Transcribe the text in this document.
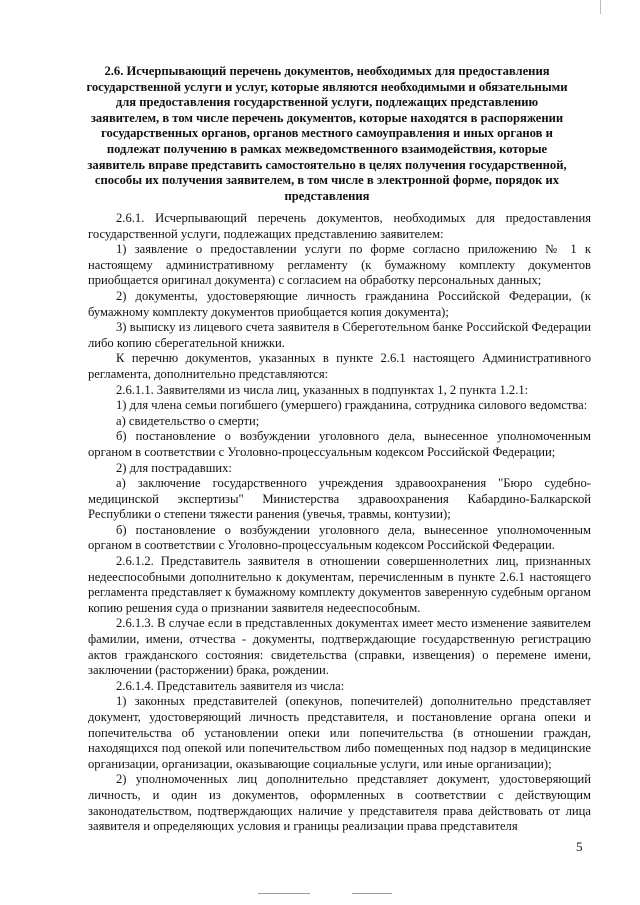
2.6. Исчерпывающий перечень документов, необходимых для предоставления государственной услуги и услуг, которые являются необходимыми и обязательными для предоставления государственной услуги, подлежащих представлению заявителем, в том числе перечень документов, которые находятся в распоряжении государственных органов, органов местного самоуправления и иных органов и подлежат получению в рамках межведомственного взаимодействия, которые заявитель вправе представить самостоятельно в целях получения государственной, способы их получения заявителем, в том числе в электронной форме, порядок их представления

2.6.1. Исчерпывающий перечень документов, необходимых для предоставления государственной услуги, подлежащих представлению заявителем:

1) заявление о предоставлении услуги по форме согласно приложению № 1 к настоящему административному регламенту (к бумажному комплекту документов приобщается оригинал документа) с согласием на обработку персональных данных;

2) документы, удостоверяющие личность гражданина Российской Федерации, (к бумажному комплекту документов приобщается копия документа);

3) выписку из лицевого счета заявителя в Сбереготельном банке Российской Федерации либо копию сберегательной книжки.

К перечню документов, указанных в пункте 2.6.1 настоящего Административного регламента, дополнительно представляются:

2.6.1.1. Заявителями из числа лиц, указанных в подпунктах 1, 2 пункта 1.2.1:

1) для члена семьи погибшего (умершего) гражданина, сотрудника силового ведомства:

а) свидетельство о смерти;

б) постановление о возбуждении уголовного дела, вынесенное уполномоченным органом в соответствии с Уголовно-процессуальным кодексом Российской Федерации;

2) для пострадавших:

а) заключение государственного учреждения здравоохранения "Бюро судебно-медицинской экспертизы" Министерства здравоохранения Кабардино-Балкарской Республики о степени тяжести ранения (увечья, травмы, контузии);

б) постановление о возбуждении уголовного дела, вынесенное уполномоченным органом в соответствии с Уголовно-процессуальным кодексом Российской Федерации.

2.6.1.2. Представитель заявителя в отношении совершеннолетних лиц, признанных недееспособными дополнительно к документам, перечисленным в пункте 2.6.1 настоящего регламента представляет к бумажному комплекту документов заверенную судебным органом копию решения суда о признании заявителя недееспособным.

2.6.1.3. В случае если в представленных документах имеет место изменение заявителем фамилии, имени, отчества - документы, подтверждающие государственную регистрацию актов гражданского состояния: свидетельства (справки, извещения) о перемене имени, заключении (расторжении) брака, рождении.

2.6.1.4. Представитель заявителя из числа:

1) законных представителей (опекунов, попечителей) дополнительно представляет документ, удостоверяющий личность представителя, и постановление органа опеки и попечительства об установлении опеки или попечительства (в отношении граждан, находящихся под опекой или попечительством либо помещенных под надзор в медицинские организации, организации, оказывающие социальные услуги, или иные организации);

2) уполномоченных лиц дополнительно представляет документ, удостоверяющий личность, и один из документов, оформленных в соответствии с действующим законодательством, подтверждающих наличие у представителя права действовать от лица заявителя и определяющих условия и границы реализации права представителя

5
